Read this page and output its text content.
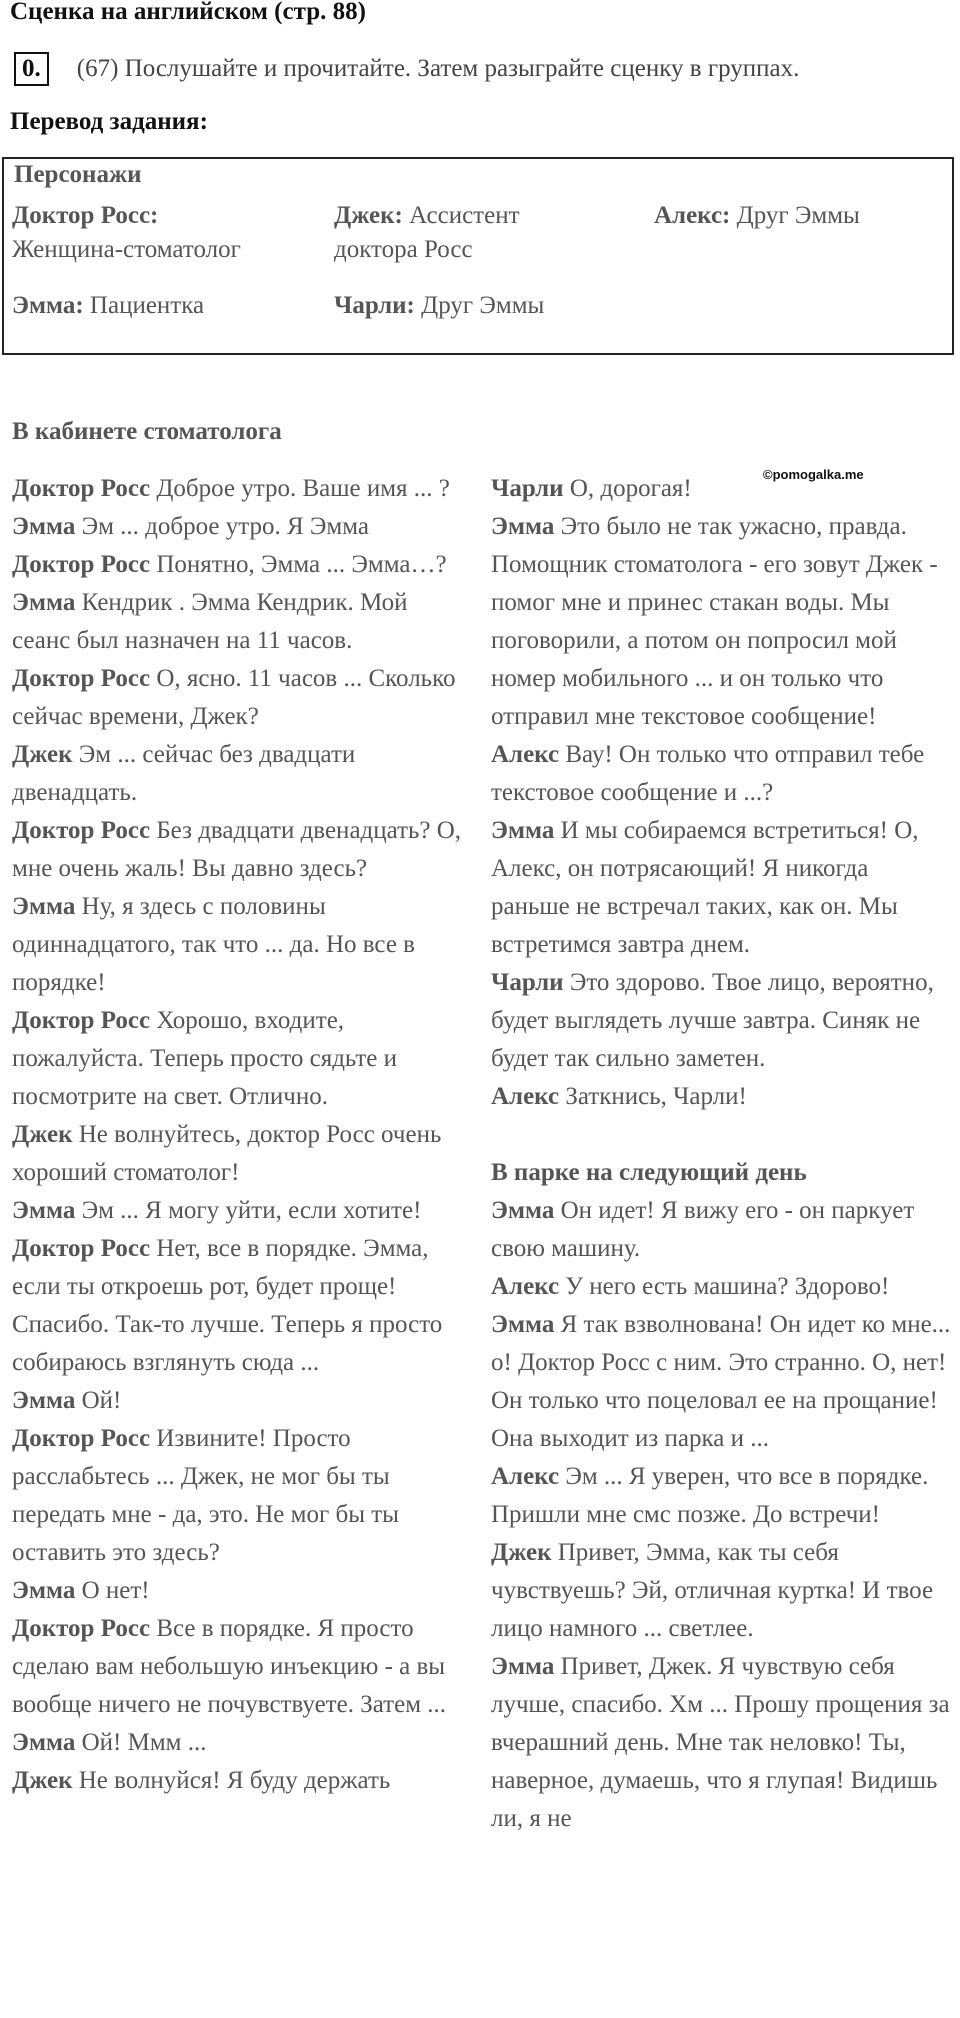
Сценка на английском (стр. 88)
0.	(67) Послушайте и прочитайте. Затем разыграйте сценку в группах.
Перевод задания:
Персонажи
Доктор Росс:
Женщина-стоматолог
Джек: Ассистент доктора Росс
Алекс: Друг Эммы
Эмма: Пациентка	Чарли: Друг Эммы
В кабинете стоматолога
©pomogalka.me

Доктор Росс Доброе утро. Ваше имя ... ?

Эмма Эм ... доброе утро. Я Эмма

Доктор Росс Понятно, Эмма ... Эмма…?

Эмма Кендрик . Эмма Кендрик. Мой сеанс был назначен на 11 часов.

Доктор Росс О, ясно. 11 часов ... Сколько сейчас времени, Джек?

Джек Эм ... сейчас без двадцати двенадцать.

Доктор Росс Без двадцати двенадцать? О, мне очень жаль! Вы давно здесь?

Эмма Ну, я здесь с половины одиннадцатого, так что ... да. Но все в порядке!

Доктор Росс Хорошо, входите, пожалуйста. Теперь просто сядьте и посмотрите на свет. Отлично.

Джек Не волнуйтесь, доктор Росс очень хороший стоматолог!

Эмма Эм ... Я могу уйти, если хотите!

Доктор Росс Нет, все в порядке. Эмма, если ты откроешь рот, будет проще! Спасибо. Так-то лучше. Теперь я просто собираюсь взглянуть сюда ...

Эмма Ой!

Доктор Росс Извините! Просто расслабьтесь ... Джек, не мог бы ты передать мне - да, это. Не мог бы ты оставить это здесь?

Эмма О нет!

Доктор Росс Все в порядке. Я просто сделаю вам небольшую инъекцию - а вы вообще ничего не почувствуете. Затем ...

Эмма Ой! Ммм ...

Джек Не волнуйся! Я буду держать

Чарли О, дорогая!

Эмма Это было не так ужасно, правда. Помощник стоматолога - его зовут Джек - помог мне и принес стакан воды. Мы поговорили, а потом он попросил мой номер мобильного ... и он только что отправил мне текстовое сообщение!

Алекс Вау! Он только что отправил тебе текстовое сообщение и ...?

Эмма И мы собираемся встретиться! О, Алекс, он потрясающий! Я никогда раньше не встречал таких, как он. Мы встретимся завтра днем.

Чарли Это здорово. Твое лицо, вероятно, будет выглядеть лучше завтра. Синяк не будет так сильно заметен.

Алекс Заткнись, Чарли!

В парке на следующий день

Эмма Он идет! Я вижу его - он паркует свою машину.

Алекс У него есть машина? Здорово!

Эмма Я так взволнована! Он идет ко мне... о! Доктор Росс с ним. Это странно. О, нет! Он только что поцеловал ее на прощание! Она выходит из парка и ...

Алекс Эм ... Я уверен, что все в порядке. Пришли мне смс позже. До встречи!

Джек Привет, Эмма, как ты себя чувствуешь? Эй, отличная куртка! И твое лицо намного ... светлее.

Эмма Привет, Джек. Я чувствую себя лучше, спасибо. Хм ... Прошу прощения за вчерашний день. Мне так неловко! Ты, наверное, думаешь, что я глупая! Видишь ли, я не
